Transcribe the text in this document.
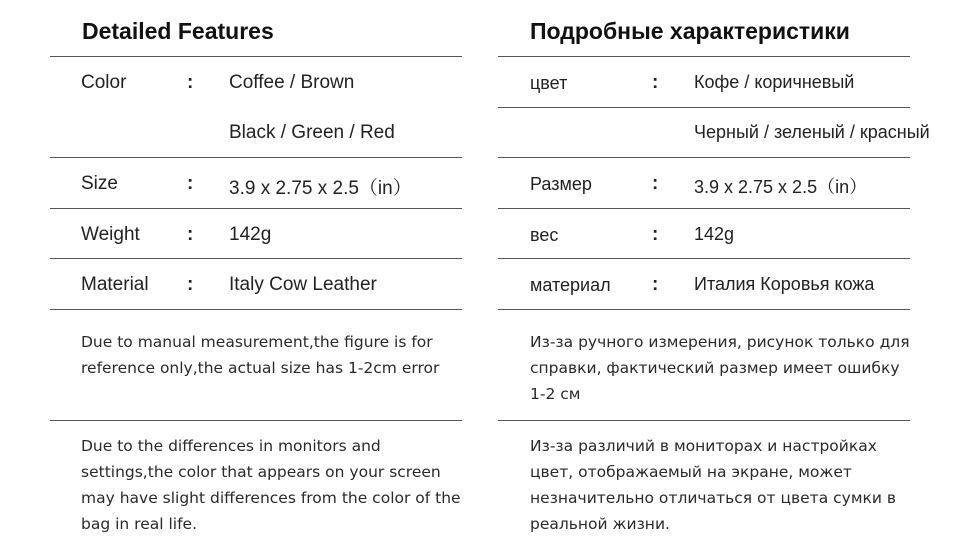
Detailed Features
Color	: Coffee / Brown
Black / Green / Red
Size	: 3.9 x 2.75 x 2.5（in）
Weight : 142g
Material : Italy Cow Leather
Due to manual measurement,the figure is for reference only,the actual size has 1-2cm error
Due to the differences in monitors and settings,the color that appears on your screen may have slight differences from the color of the bag in real life.
Подробные характеристики
цвет	: Кофе / коричневый
Черный / зеленый / красный
Размер	: 3.9 x 2.75 x 2.5（in）
вес	: 142g
материал : Италия Коровья кожа
Из-за ручного измерения, рисунок только для справки, фактический размер имеет ошибку 1-2 см
Из-за различий в мониторах и настройках цвет, отображаемый на экране, может незначительно отличаться от цвета сумки в реальной жизни.
